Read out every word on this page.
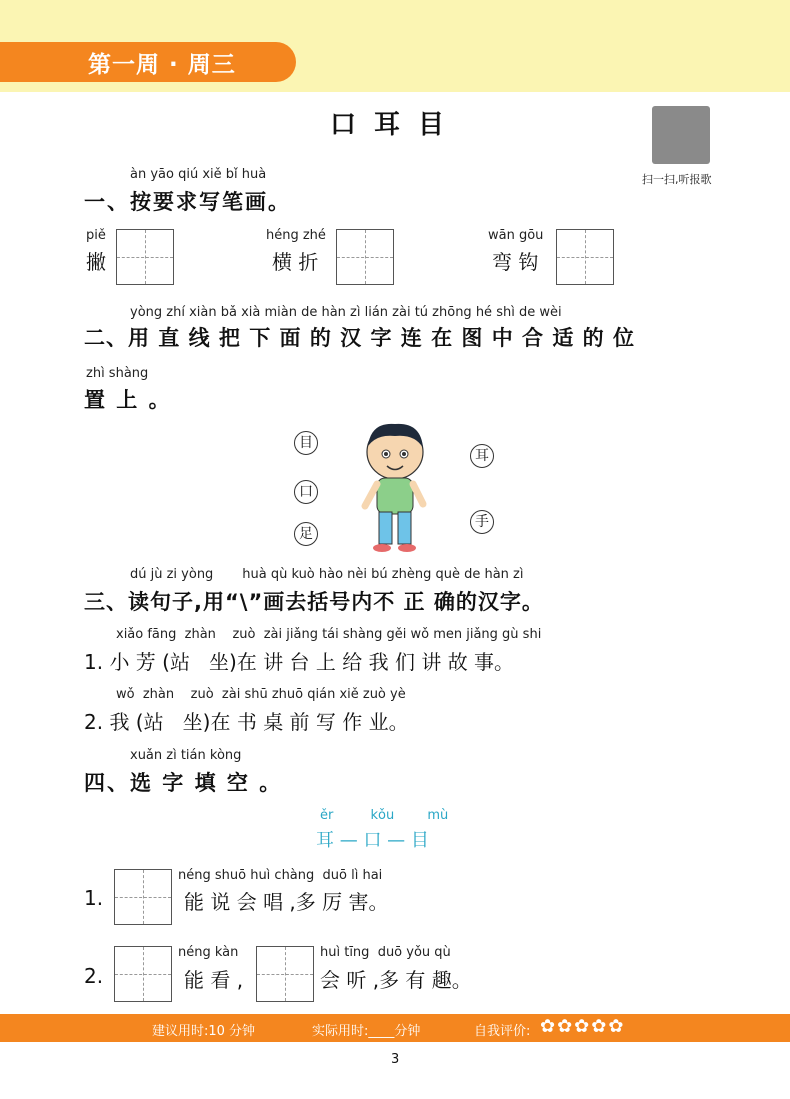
第一周 · 周三
口耳目
扫一扫,听报歌
àn yāo qiú xiě bǐ huà
一、按要求写笔画。
piě
撇
héng zhé
横 折
wān gōu
弯 钩
yòng zhí xiàn bǎ xià miàn de hàn zì lián zài tú zhōng hé shì de wèi
二、用 直 线 把 下 面 的 汉 字 连 在 图 中 合 适 的 位
zhì shàng
置 上 。
目
口
足
耳
手
dú jù zi yòng       huà qù kuò hào nèi bú zhèng què de hàn zì
三、读句子,用“\”画去括号内不 正 确的汉字。
xiǎo fāng  zhàn    zuò  zài jiǎng tái shàng gěi wǒ men jiǎng gù shi
1. 小 芳 (站   坐)在 讲 台 上 给 我 们 讲 故 事。
wǒ  zhàn    zuò  zài shū zhuō qián xiě zuò yè
2. 我 (站   坐)在 书 桌 前 写 作 业。
xuǎn zì tián kòng
四、选 字 填 空 。
ěr         kǒu        mù
耳 — 口 — 目
1.
néng shuō huì chàng  duō lì hai
能 说 会 唱 ,多 厉 害。
2.
néng kàn
能 看 ,
huì tīng  duō yǒu qù
会 听 ,多 有 趣。
建议用时:10 分钟	实际用时:____分钟	自我评价: ✿✿✿✿✿
3
